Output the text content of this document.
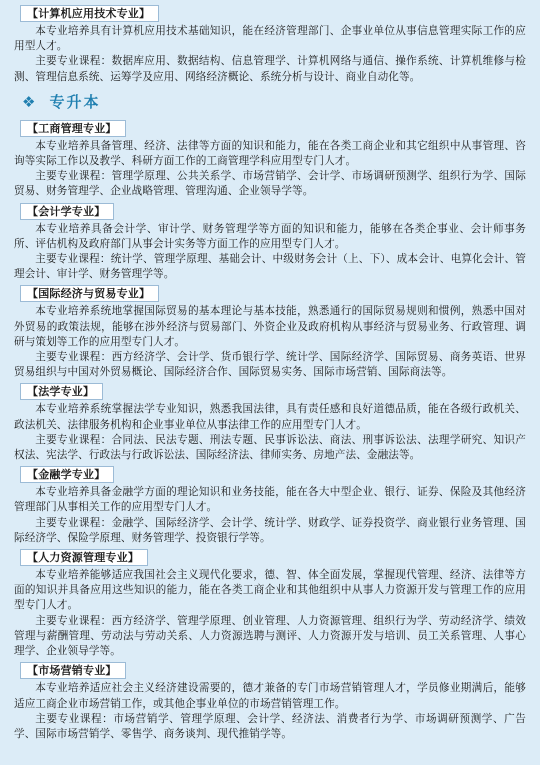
【计算机应用技术专业】

本专业培养具有计算机应用技术基础知识，能在经济管理部门、企事业单位从事信息管理实际工作的应用型人才。

主要专业课程：数据库应用、数据结构、信息管理学、计算机网络与通信、操作系统、计算机维修与检测、管理信息系统、运筹学及应用、网络经济概论、系统分析与设计、商业自动化等。

❖ 专升本
【工商管理专业】

本专业培养具备管理、经济、法律等方面的知识和能力，能在各类工商企业和其它组织中从事管理、咨询等实际工作以及教学、科研方面工作的工商管理学科应用型专门人才。

主要专业课程：管理学原理、公共关系学、市场营销学、会计学、市场调研预测学、组织行为学、国际贸易、财务管理学、企业战略管理、管理沟通、企业领导学等。

【会计学专业】

本专业培养具备会计学、审计学、财务管理学等方面的知识和能力，能够在各类企事业、会计师事务所、评估机构及政府部门从事会计实务等方面工作的应用型专门人才。

主要专业课程：统计学、管理学原理、基础会计、中级财务会计（上、下）、成本会计、电算化会计、管理会计、审计学、财务管理学等。

【国际经济与贸易专业】

本专业培养系统地掌握国际贸易的基本理论与基本技能，熟悉通行的国际贸易规则和惯例，熟悉中国对外贸易的政策法规，能够在涉外经济与贸易部门、外资企业及政府机构从事经济与贸易业务、行政管理、调研与策划等工作的应用型专门人才。

主要专业课程：西方经济学、会计学、货币银行学、统计学、国际经济学、国际贸易、商务英语、世界贸易组织与中国对外贸易概论、国际经济合作、国际贸易实务、国际市场营销、国际商法等。

【法学专业】

本专业培养系统掌握法学专业知识，熟悉我国法律，具有责任感和良好道德品质，能在各级行政机关、政法机关、法律服务机构和企业事业单位从事法律工作的应用型专门人才。

主要专业课程：合同法、民法专题、刑法专题、民事诉讼法、商法、刑事诉讼法、法理学研究、知识产权法、宪法学、行政法与行政诉讼法、国际经济法、律师实务、房地产法、金融法等。

【金融学专业】

本专业培养具备金融学方面的理论知识和业务技能，能在各大中型企业、银行、证券、保险及其他经济管理部门从事相关工作的应用型专门人才。

主要专业课程：金融学、国际经济学、会计学、统计学、财政学、证券投资学、商业银行业务管理、国际经济学、保险学原理、财务管理学、投资银行学等。

【人力资源管理专业】

本专业培养能够适应我国社会主义现代化要求，德、智、体全面发展，掌握现代管理、经济、法律等方面的知识并具备应用这些知识的能力，能在各类工商企业和其他组织中从事人力资源开发与管理工作的应用型专门人才。

主要专业课程：西方经济学、管理学原理、创业管理、人力资源管理、组织行为学、劳动经济学、绩效管理与薪酬管理、劳动法与劳动关系、人力资源选聘与测评、人力资源开发与培训、员工关系管理、人事心理学、企业领导学等。

【市场营销专业】

本专业培养适应社会主义经济建设需要的，德才兼备的专门市场营销管理人才，学员修业期满后，能够适应工商企业市场营销工作，或其他企事业单位的市场营销管理工作。

主要专业课程：市场营销学、管理学原理、会计学、经济法、消费者行为学、市场调研预测学、广告学、国际市场营销学、零售学、商务谈判、现代推销学等。
